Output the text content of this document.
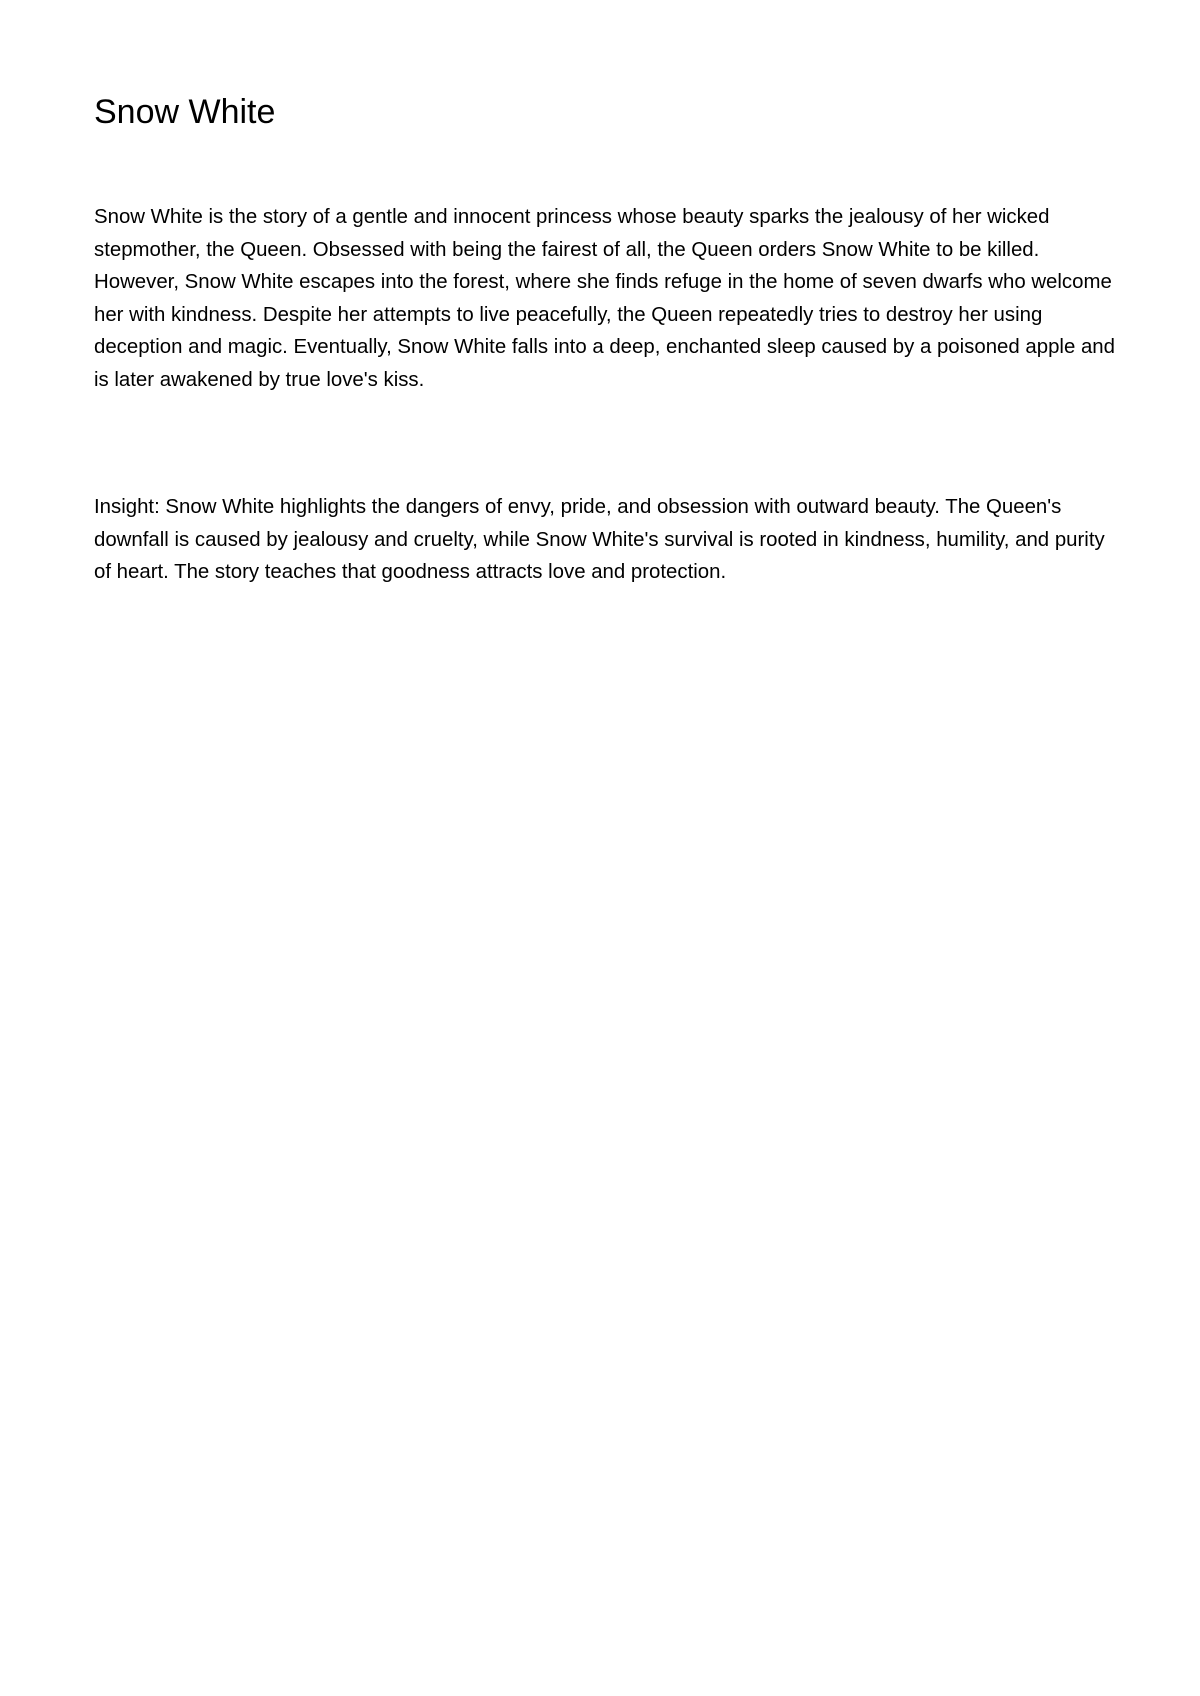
Snow White

Snow White is the story of a gentle and innocent princess whose beauty sparks the jealousy of her wicked stepmother, the Queen. Obsessed with being the fairest of all, the Queen orders Snow White to be killed. However, Snow White escapes into the forest, where she finds refuge in the home of seven dwarfs who welcome her with kindness. Despite her attempts to live peacefully, the Queen repeatedly tries to destroy her using deception and magic. Eventually, Snow White falls into a deep, enchanted sleep caused by a poisoned apple and is later awakened by true love's kiss.

Insight: Snow White highlights the dangers of envy, pride, and obsession with outward beauty. The Queen's downfall is caused by jealousy and cruelty, while Snow White's survival is rooted in kindness, humility, and purity of heart. The story teaches that goodness attracts love and protection.
